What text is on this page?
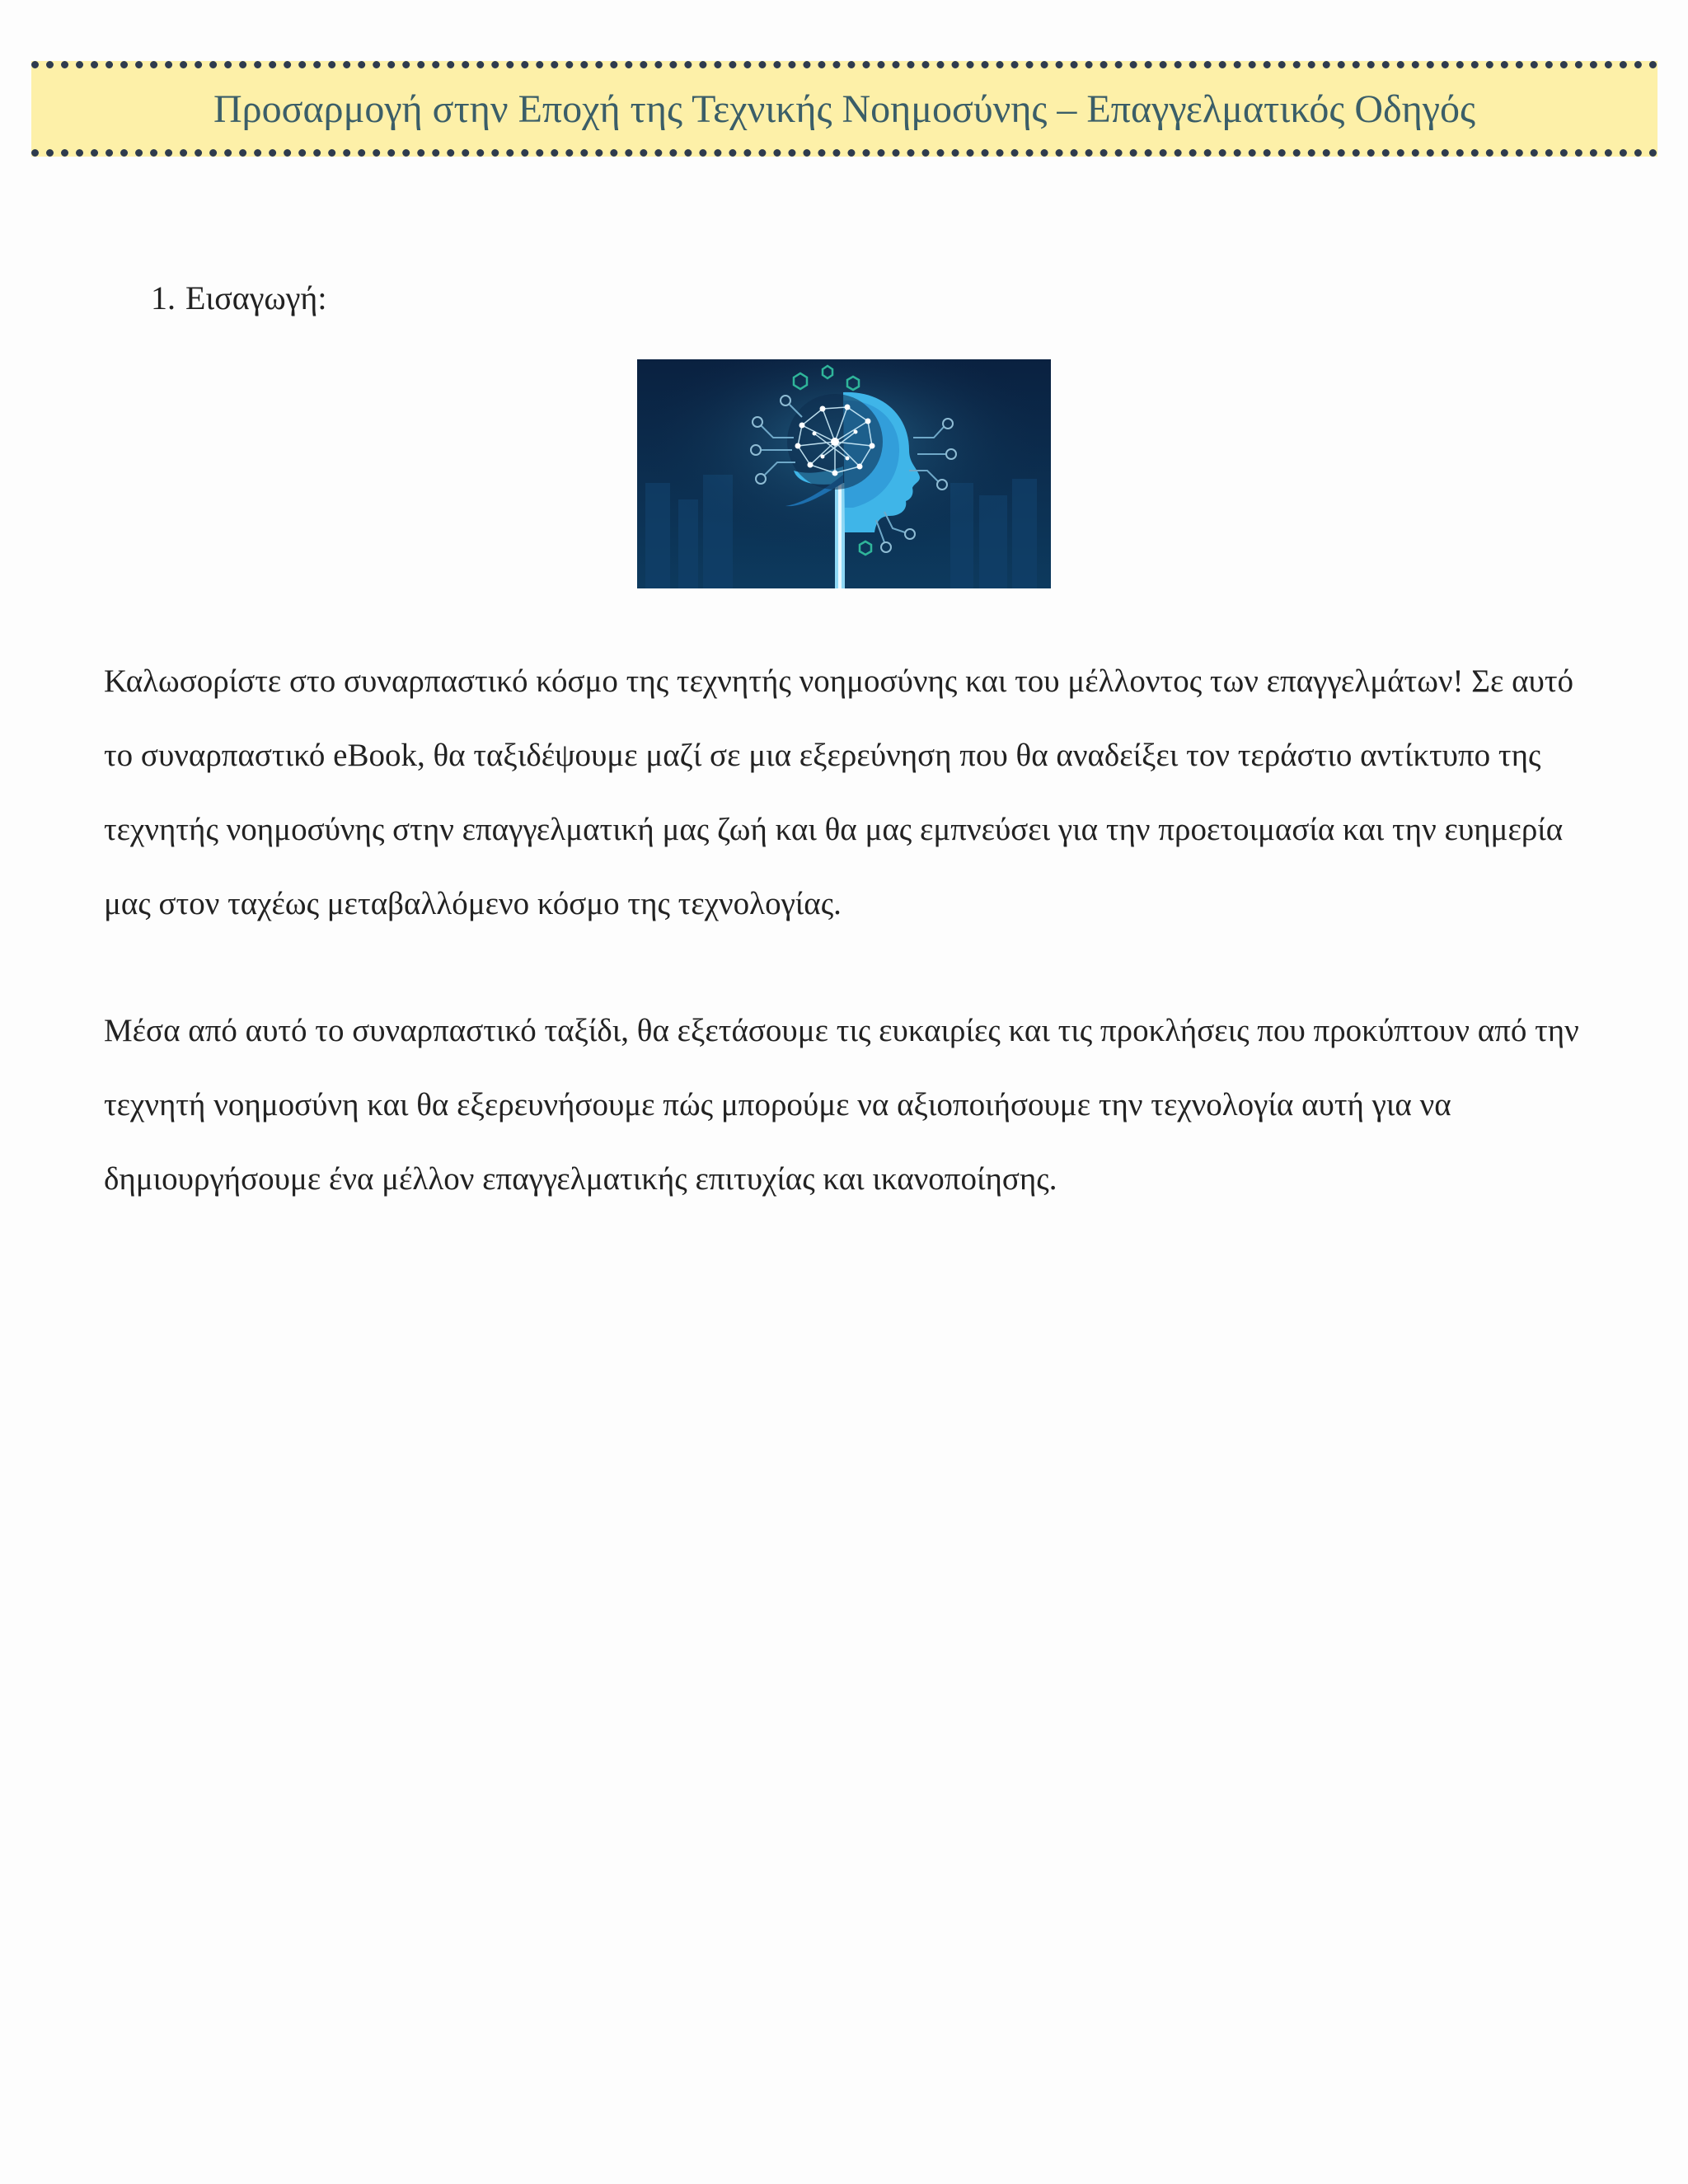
Προσαρμογή στην Εποχή της Τεχνικής Νοημοσύνης – Επαγγελματικός Οδηγός
1. Εισαγωγή:

Καλωσορίστε στο συναρπαστικό κόσμο της τεχνητής νοημοσύνης και του μέλλοντος των επαγγελμάτων! Σε αυτό το συναρπαστικό eBook, θα ταξιδέψουμε μαζί σε μια εξερεύνηση που θα αναδείξει τον τεράστιο αντίκτυπο της τεχνητής νοημοσύνης στην επαγγελματική μας ζωή και θα μας εμπνεύσει για την προετοιμασία και την ευημερία μας στον ταχέως μεταβαλλόμενο κόσμο της τεχνολογίας.

Μέσα από αυτό το συναρπαστικό ταξίδι, θα εξετάσουμε τις ευκαιρίες και τις προκλήσεις που προκύπτουν από την τεχνητή νοημοσύνη και θα εξερευνήσουμε πώς μπορούμε να αξιοποιήσουμε την τεχνολογία αυτή για να δημιουργήσουμε ένα μέλλον επαγγελματικής επιτυχίας και ικανοποίησης.
